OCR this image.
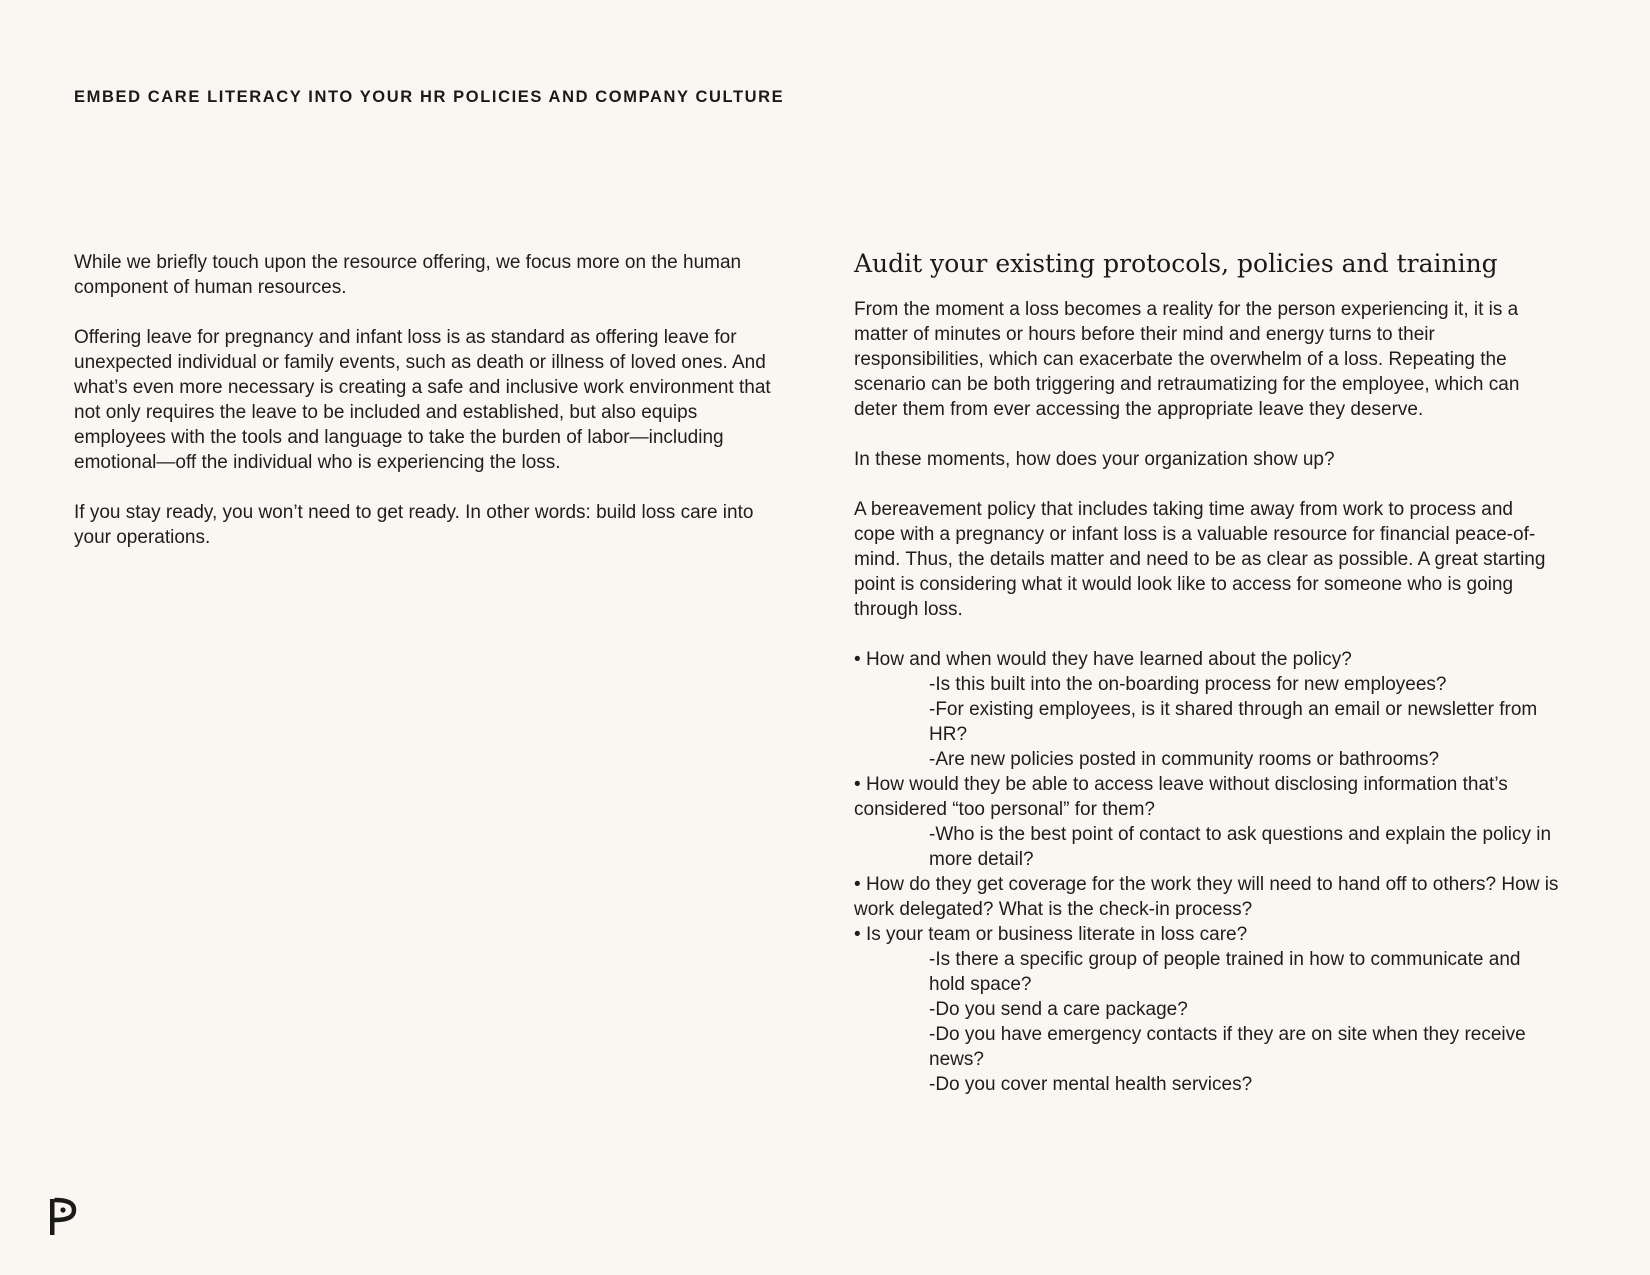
EMBED CARE LITERACY INTO YOUR HR POLICIES AND COMPANY CULTURE

While we briefly touch upon the resource offering, we focus more on the human component of human resources.

Offering leave for pregnancy and infant loss is as standard as offering leave for unexpected individual or family events, such as death or illness of loved ones. And what’s even more necessary is creating a safe and inclusive work environment that not only requires the leave to be included and established, but also equips employees with the tools and language to take the burden of labor—including emotional—off the individual who is experiencing the loss.

If you stay ready, you won’t need to get ready. In other words: build loss care into your operations.

Audit your existing protocols, policies and training

From the moment a loss becomes a reality for the person experiencing it, it is a matter of minutes or hours before their mind and energy turns to their responsibilities, which can exacerbate the overwhelm of a loss. Repeating the scenario can be both triggering and retraumatizing for the employee, which can deter them from ever accessing the appropriate leave they deserve.

In these moments, how does your organization show up?

A bereavement policy that includes taking time away from work to process and cope with a pregnancy or infant loss is a valuable resource for financial peace-of-mind. Thus, the details matter and need to be as clear as possible. A great starting point is considering what it would look like to access for someone who is going through loss.

• How and when would they have learned about the policy?
-Is this built into the on-boarding process for new employees?
-For existing employees, is it shared through an email or newsletter from HR?
-Are new policies posted in community rooms or bathrooms?
• How would they be able to access leave without disclosing information that’s considered “too personal” for them?
-Who is the best point of contact to ask questions and explain the policy in more detail?
• How do they get coverage for the work they will need to hand off to others? How is work delegated? What is the check-in process?
• Is your team or business literate in loss care?
-Is there a specific group of people trained in how to communicate and hold space?
-Do you send a care package?
-Do you have emergency contacts if they are on site when they receive news?
-Do you cover mental health services?
